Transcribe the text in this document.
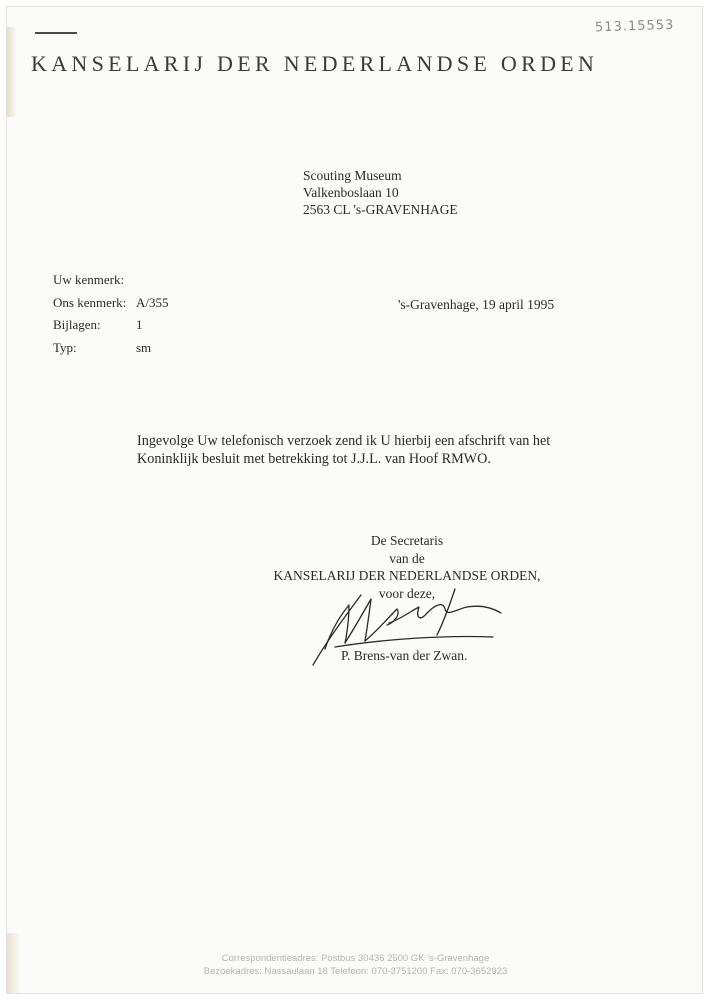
513.15553
KANSELARIJ DER NEDERLANDSE ORDEN
Scouting Museum
Valkenboslaan 10
2563 CL 's-GRAVENHAGE
Uw kenmerk:
Ons kenmerk: A/355
Bijlagen:	1
Typ:	sm
's-Gravenhage, 19 april 1995
Ingevolge Uw telefonisch verzoek zend ik U hierbij een afschrift van het
Koninklijk besluit met betrekking tot J.J.L. van Hoof RMWO.
De Secretaris
van de
KANSELARIJ DER NEDERLANDSE ORDEN,
voor deze,
P. Brens-van der Zwan.
Correspondentieadres: Postbus 30436 2500 GK 's-Gravenhage
Bezoekadres: Nassaulaan 18 Telefoon: 070-3751200 Fax: 070-3652923
